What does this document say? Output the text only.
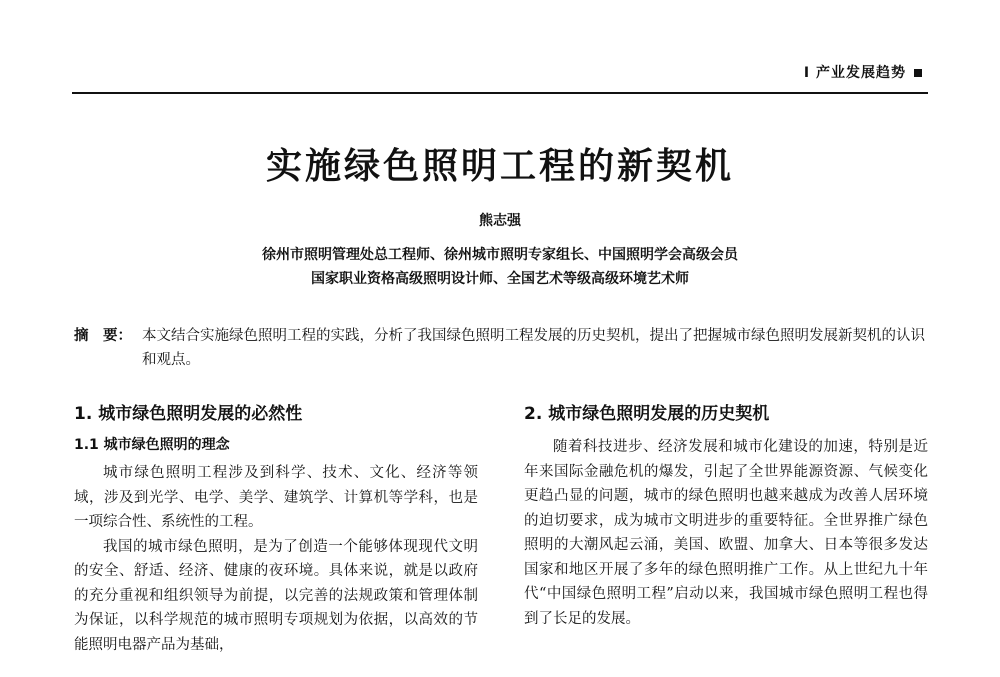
I 产业发展趋势
实施绿色照明工程的新契机
熊志强
徐州市照明管理处总工程师、徐州城市照明专家组长、中国照明学会高级会员
国家职业资格高级照明设计师、全国艺术等级高级环境艺术师
摘　要： 本文结合实施绿色照明工程的实践，分析了我国绿色照明工程发展的历史契机，提出了把握城市绿色照明发展新契机的认识和观点。
1. 城市绿色照明发展的必然性
1.1 城市绿色照明的理念

城市绿色照明工程涉及到科学、技术、文化、经济等领域，涉及到光学、电学、美学、建筑学、计算机等学科，也是一项综合性、系统性的工程。

我国的城市绿色照明，是为了创造一个能够体现现代文明的安全、舒适、经济、健康的夜环境。具体来说，就是以政府的充分重视和组织领导为前提，以完善的法规政策和管理体制为保证，以科学规范的城市照明专项规划为依据，以高效的节能照明电器产品为基础，

2. 城市绿色照明发展的历史契机

随着科技进步、经济发展和城市化建设的加速，特别是近年来国际金融危机的爆发，引起了全世界能源资源、气候变化更趋凸显的问题，城市的绿色照明也越来越成为改善人居环境的迫切要求，成为城市文明进步的重要特征。全世界推广绿色照明的大潮风起云涌，美国、欧盟、加拿大、日本等很多发达国家和地区开展了多年的绿色照明推广工作。从上世纪九十年代“中国绿色照明工程”启动以来，我国城市绿色照明工程也得到了长足的发展。
